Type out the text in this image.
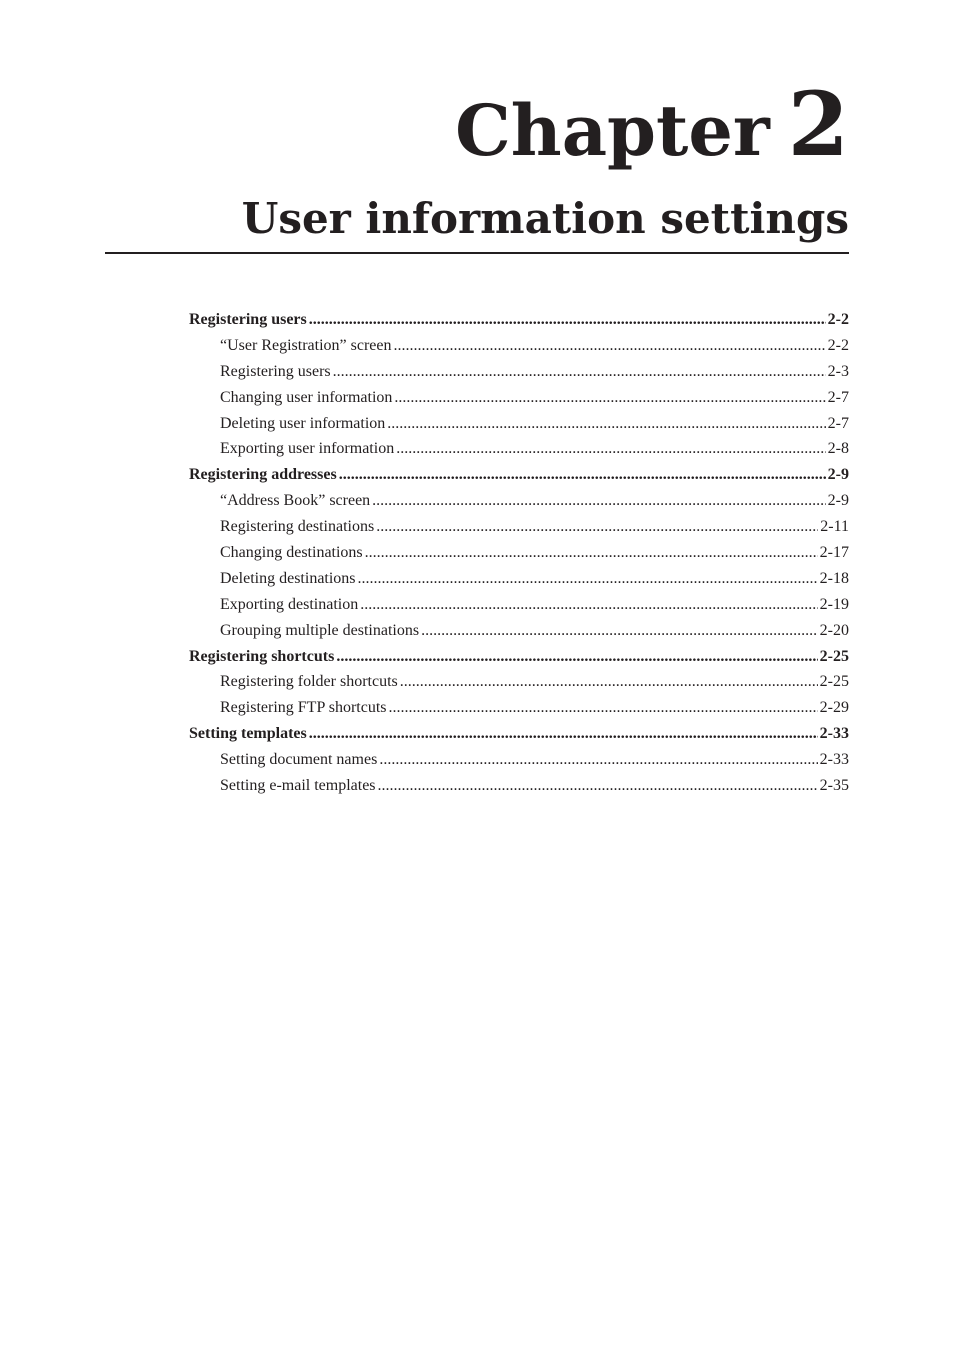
Chapter 2
User information settings
Registering users .....	2-2
“User Registration” screen .....	2-2
Registering users .....	2-3
Changing user information .....	2-7
Deleting user information .....	2-7
Exporting user information .....	2-8
Registering addresses .....	2-9
“Address Book” screen .....	2-9
Registering destinations .....	2-11
Changing destinations .....	2-17
Deleting destinations .....	2-18
Exporting destination .....	2-19
Grouping multiple destinations .....	2-20
Registering shortcuts .....	2-25
Registering folder shortcuts .....	2-25
Registering FTP shortcuts .....	2-29
Setting templates .....	2-33
Setting document names .....	2-33
Setting e-mail templates .....	2-35
